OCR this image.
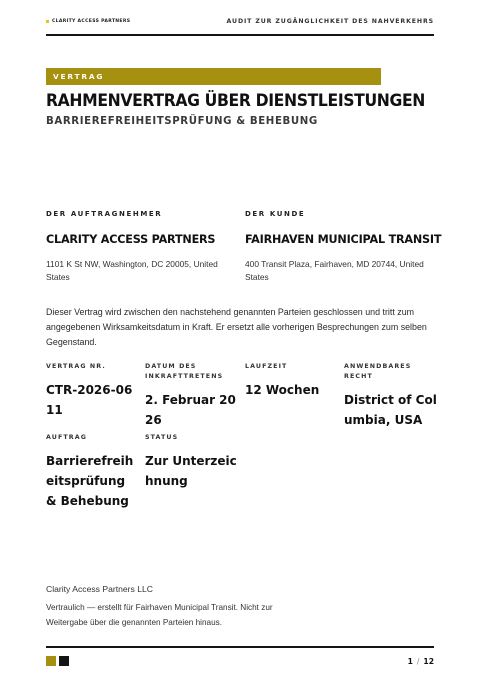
CLARITY ACCESS PARTNERS	AUDIT ZUR ZUGÄNGLICHKEIT DES NAHVERKEHRS
VERTRAG
RAHMENVERTRAG ÜBER DIENSTLEISTUNGEN
BARRIEREFREIHEITSPRÜFUNG & BEHEBUNG
DER AUFTRAGNEHMER
CLARITY ACCESS PARTNERS
1101 K St NW, Washington, DC 20005, United States
DER KUNDE
FAIRHAVEN MUNICIPAL TRANSIT
400 Transit Plaza, Fairhaven, MD 20744, United States

Dieser Vertrag wird zwischen den nachstehend genannten Parteien geschlossen und tritt zum angegebenen Wirksamkeitsdatum in Kraft. Er ersetzt alle vorherigen Besprechungen zum selben Gegenstand.

VERTRAG NR.
CTR-2026-0611
DATUM DES INKRAFTTRETENS
2. Februar 2026
LAUFZEIT
12 Wochen
ANWENDBARES RECHT
District of Columbia, USA
AUFTRAG
Barrierefreiheitsprüfung & Behebung
STATUS
Zur Unterzeichnung
Clarity Access Partners LLC
Vertraulich — erstellt für Fairhaven Municipal Transit. Nicht zur Weitergabe über die genannten Parteien hinaus.
1 / 12
